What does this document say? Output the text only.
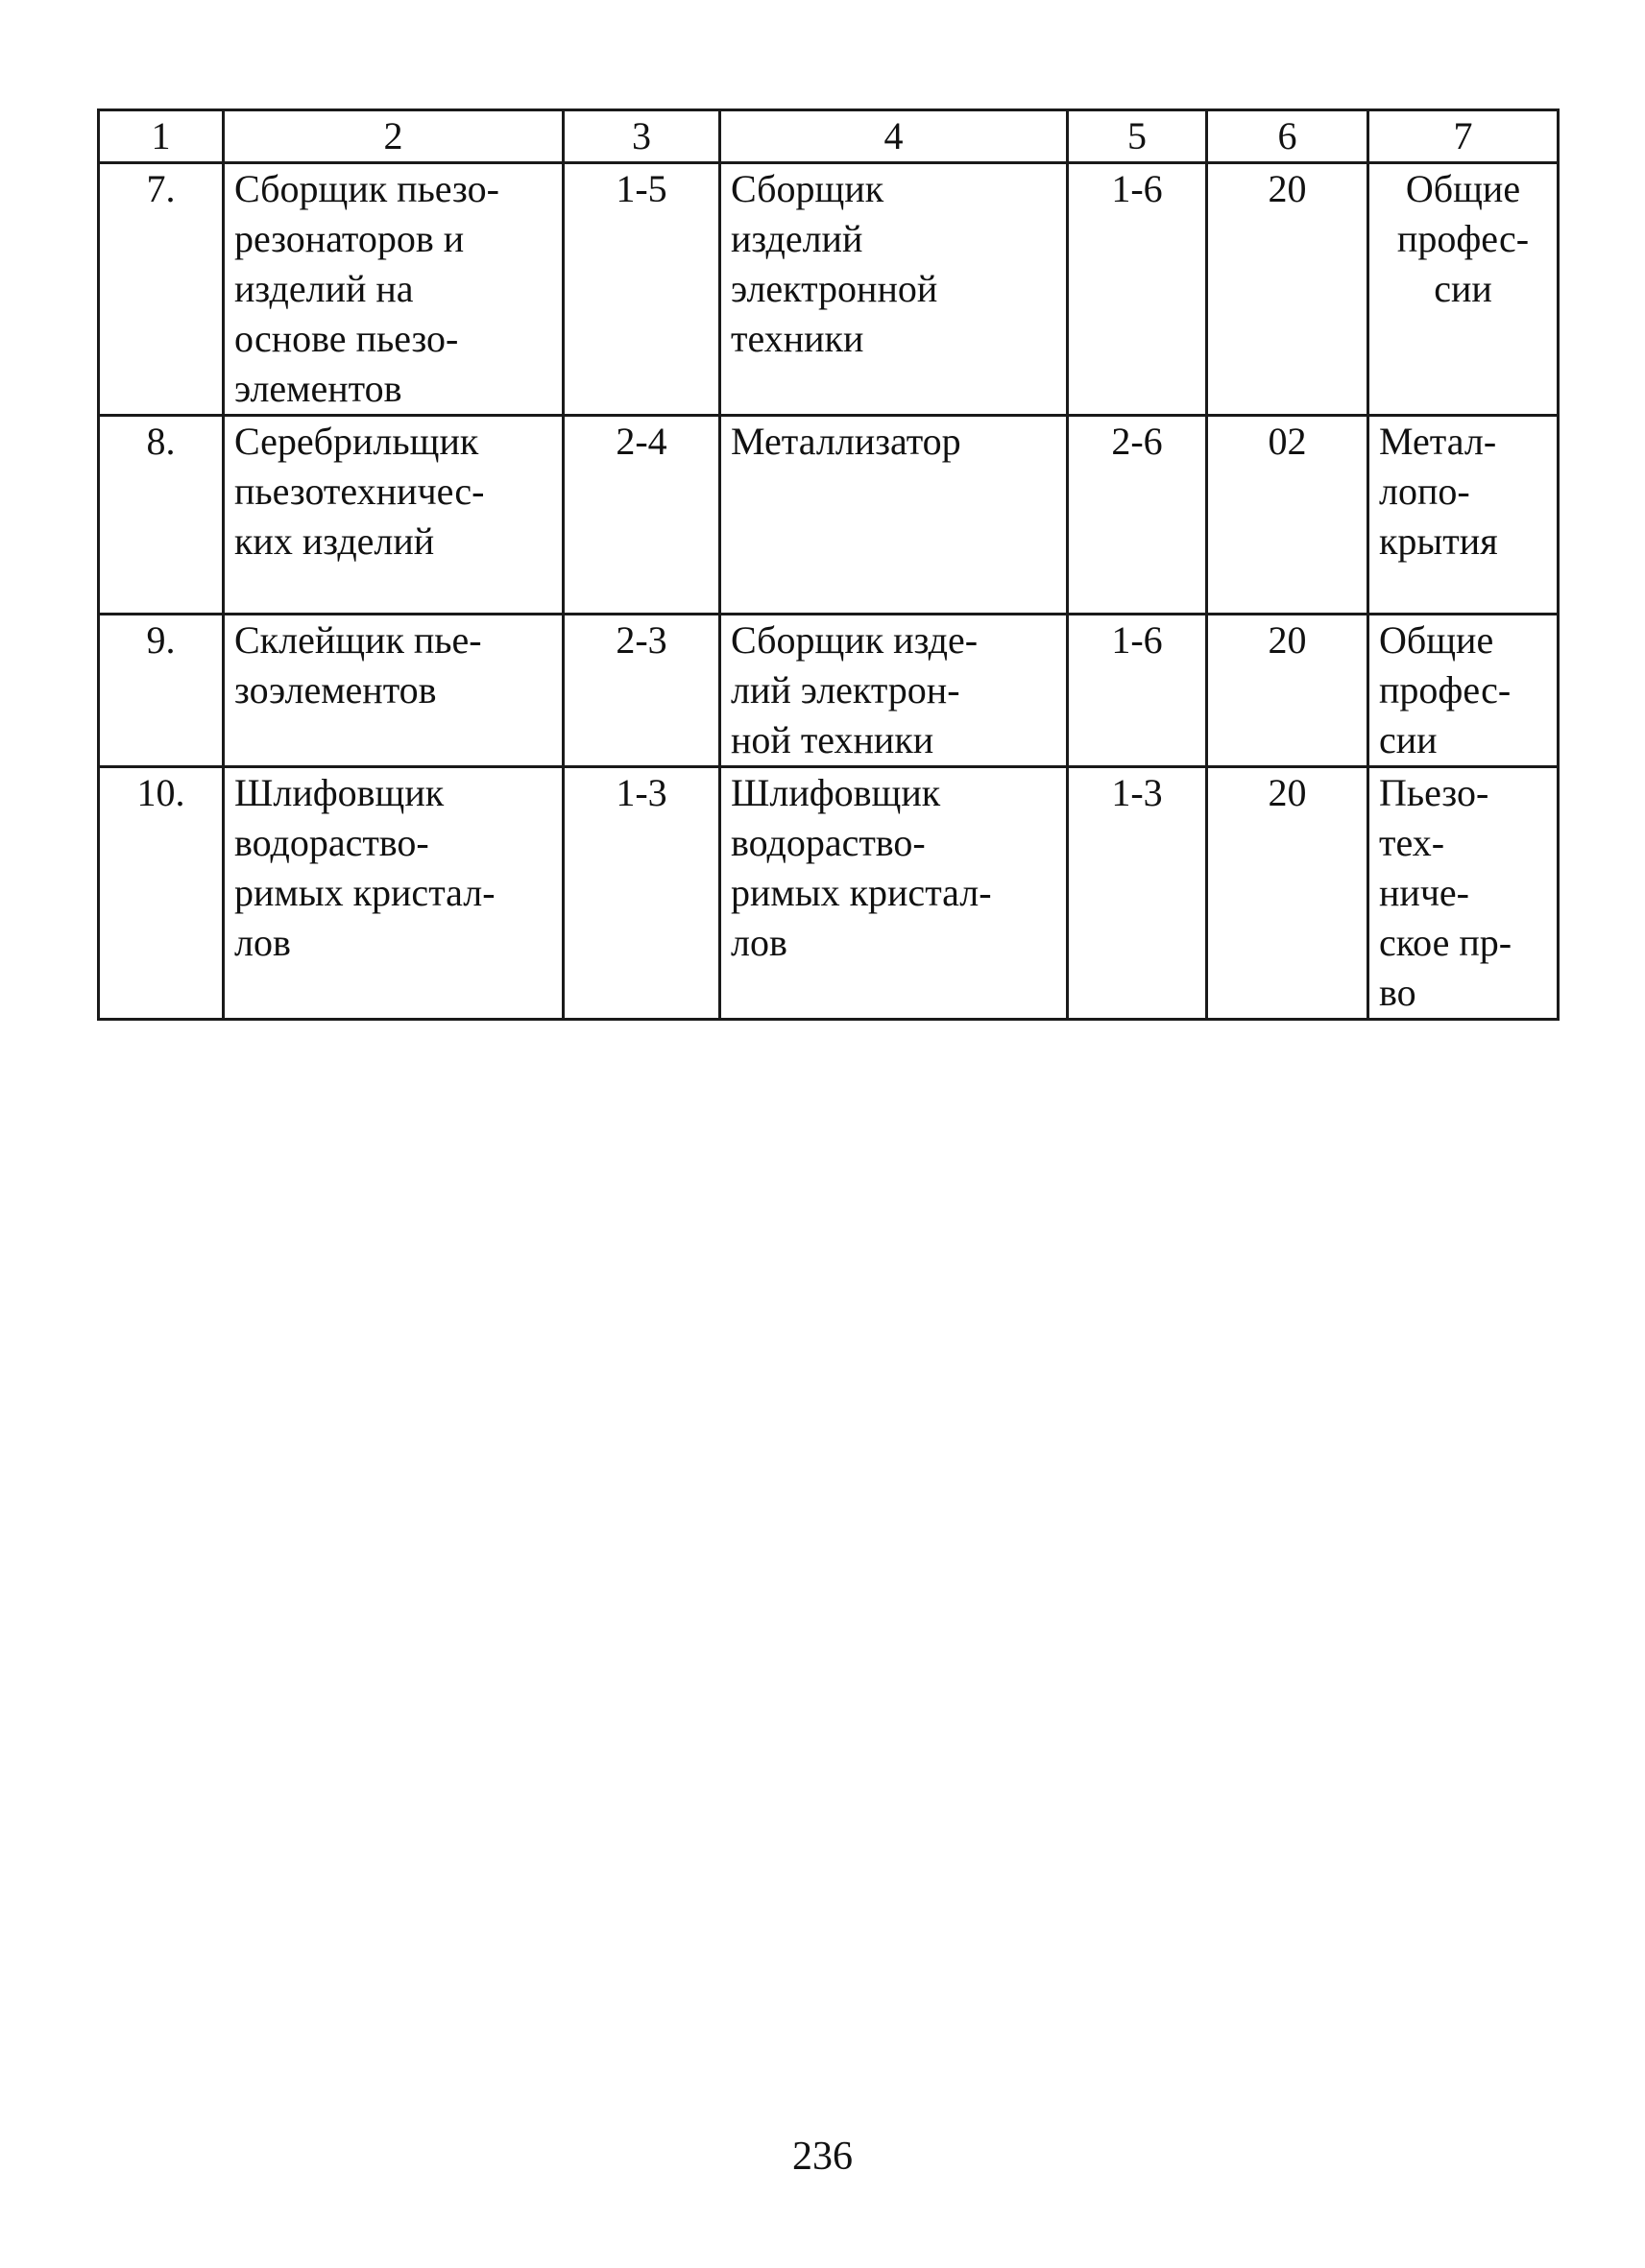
1	2	3	4	5	6	7
7.	Сборщик пьезо-
резонаторов и
изделий на
основе пьезо-
элементов	1-5	Сборщик
изделий
электронной
техники	1-6	20	Общие
профес-
сии

8.	Серебрильщик
пьезотехничес-
ких изделий	2-4	Металлизатор	2-6	02	Метал-
лопо-
крытия

9.	Склейщик пье-
зоэлементов	2-3	Сборщик изде-
лий электрон-
ной техники	1-6	20	Общие
профес-
сии

10.	Шлифовщик
водораство-
римых кристал-
лов	1-3	Шлифовщик
водораство-
римых кристал-
лов	1-3	20	Пьезо-
тех-
ниче-
ское пр-
во
236
